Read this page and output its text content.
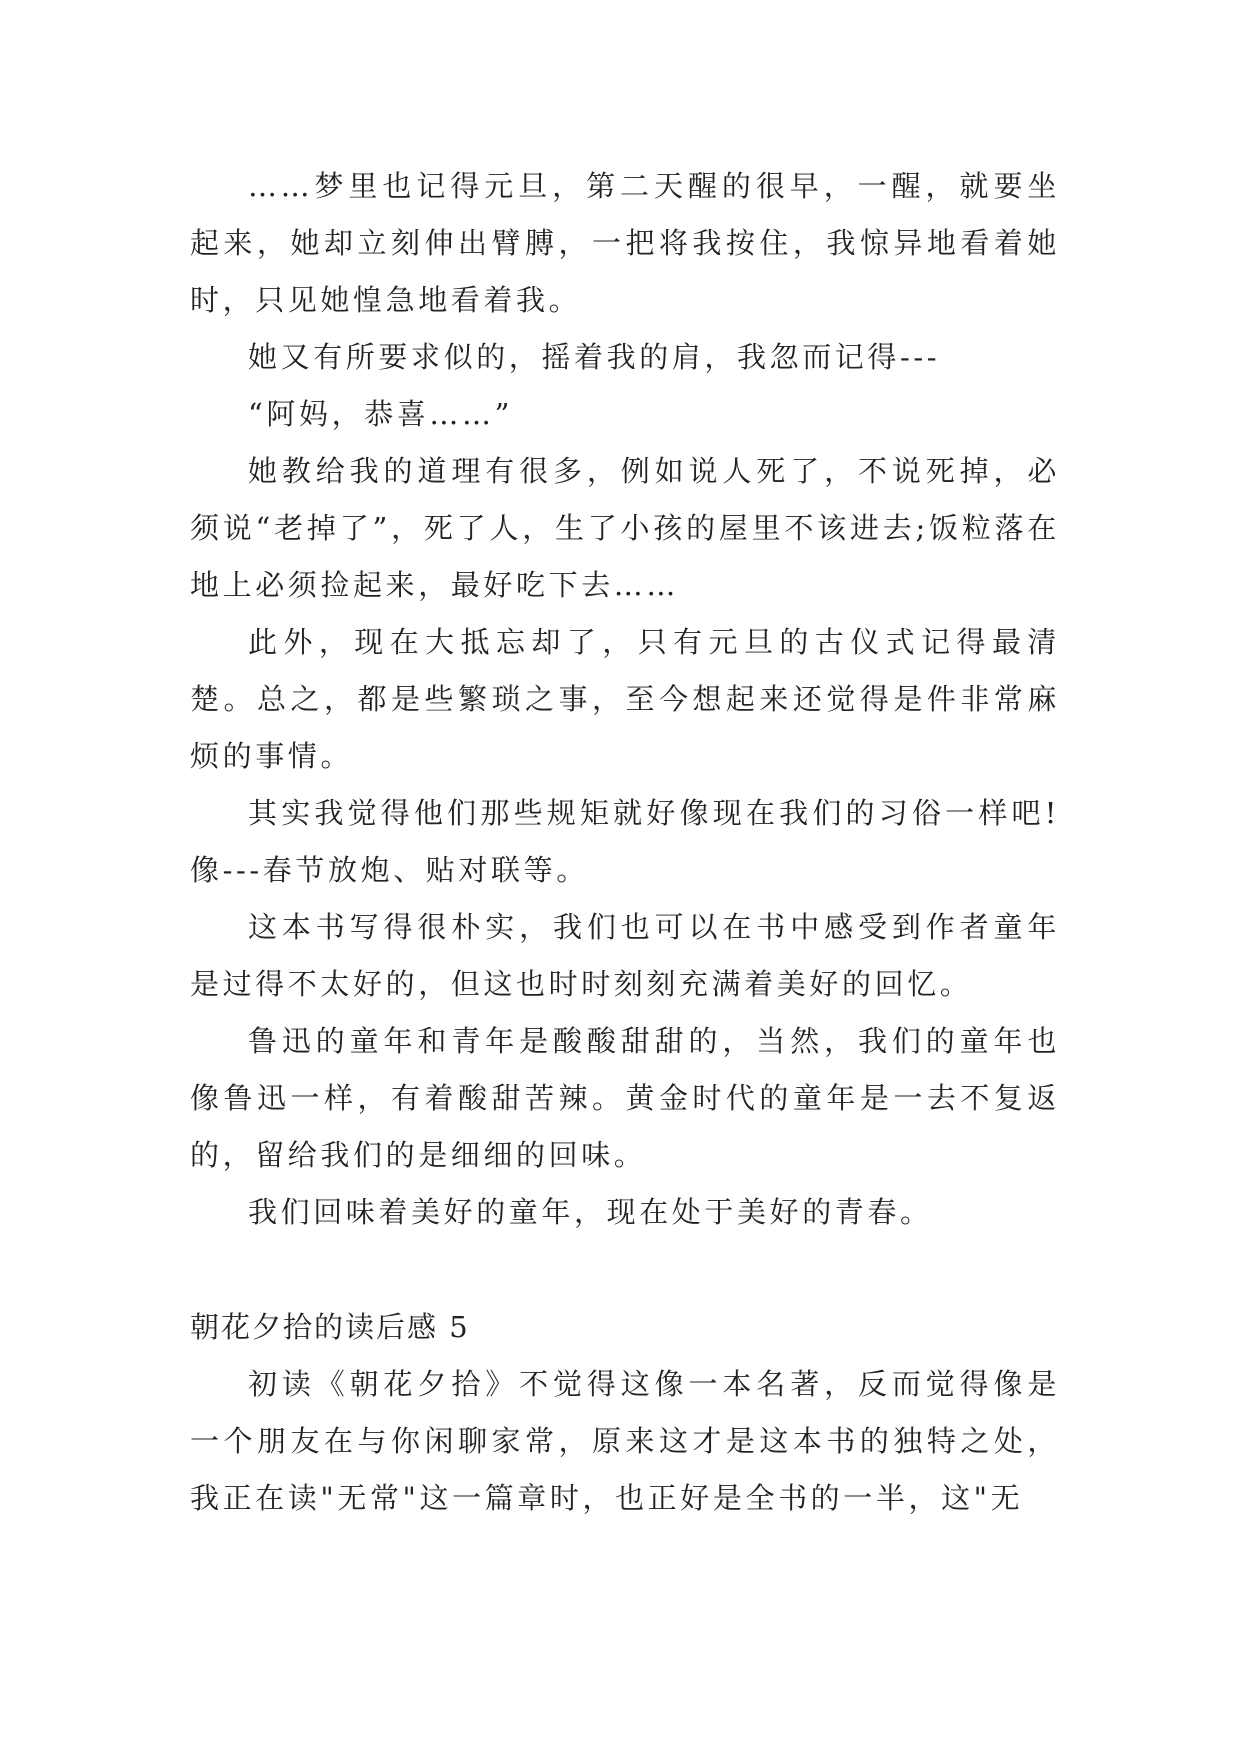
……梦里也记得元旦，第二天醒的很早，一醒，就要坐起来，她却立刻伸出臂膊，一把将我按住，我惊异地看着她时，只见她惶急地看着我。

她又有所要求似的，摇着我的肩，我忽而记得---

“阿妈，恭喜……”

她教给我的道理有很多，例如说人死了，不说死掉，必须说“老掉了”，死了人，生了小孩的屋里不该进去;饭粒落在地上必须捡起来，最好吃下去……

此外，现在大抵忘却了，只有元旦的古仪式记得最清楚。总之，都是些繁琐之事，至今想起来还觉得是件非常麻烦的事情。

其实我觉得他们那些规矩就好像现在我们的习俗一样吧!像---春节放炮、贴对联等。

这本书写得很朴实，我们也可以在书中感受到作者童年是过得不太好的，但这也时时刻刻充满着美好的回忆。

鲁迅的童年和青年是酸酸甜甜的，当然，我们的童年也像鲁迅一样，有着酸甜苦辣。黄金时代的童年是一去不复返的，留给我们的是细细的回味。

我们回味着美好的童年，现在处于美好的青春。

朝花夕拾的读后感 5

初读《朝花夕拾》不觉得这像一本名著，反而觉得像是一个朋友在与你闲聊家常，原来这才是这本书的独特之处，我正在读"无常"这一篇章时，也正好是全书的一半，这"无
